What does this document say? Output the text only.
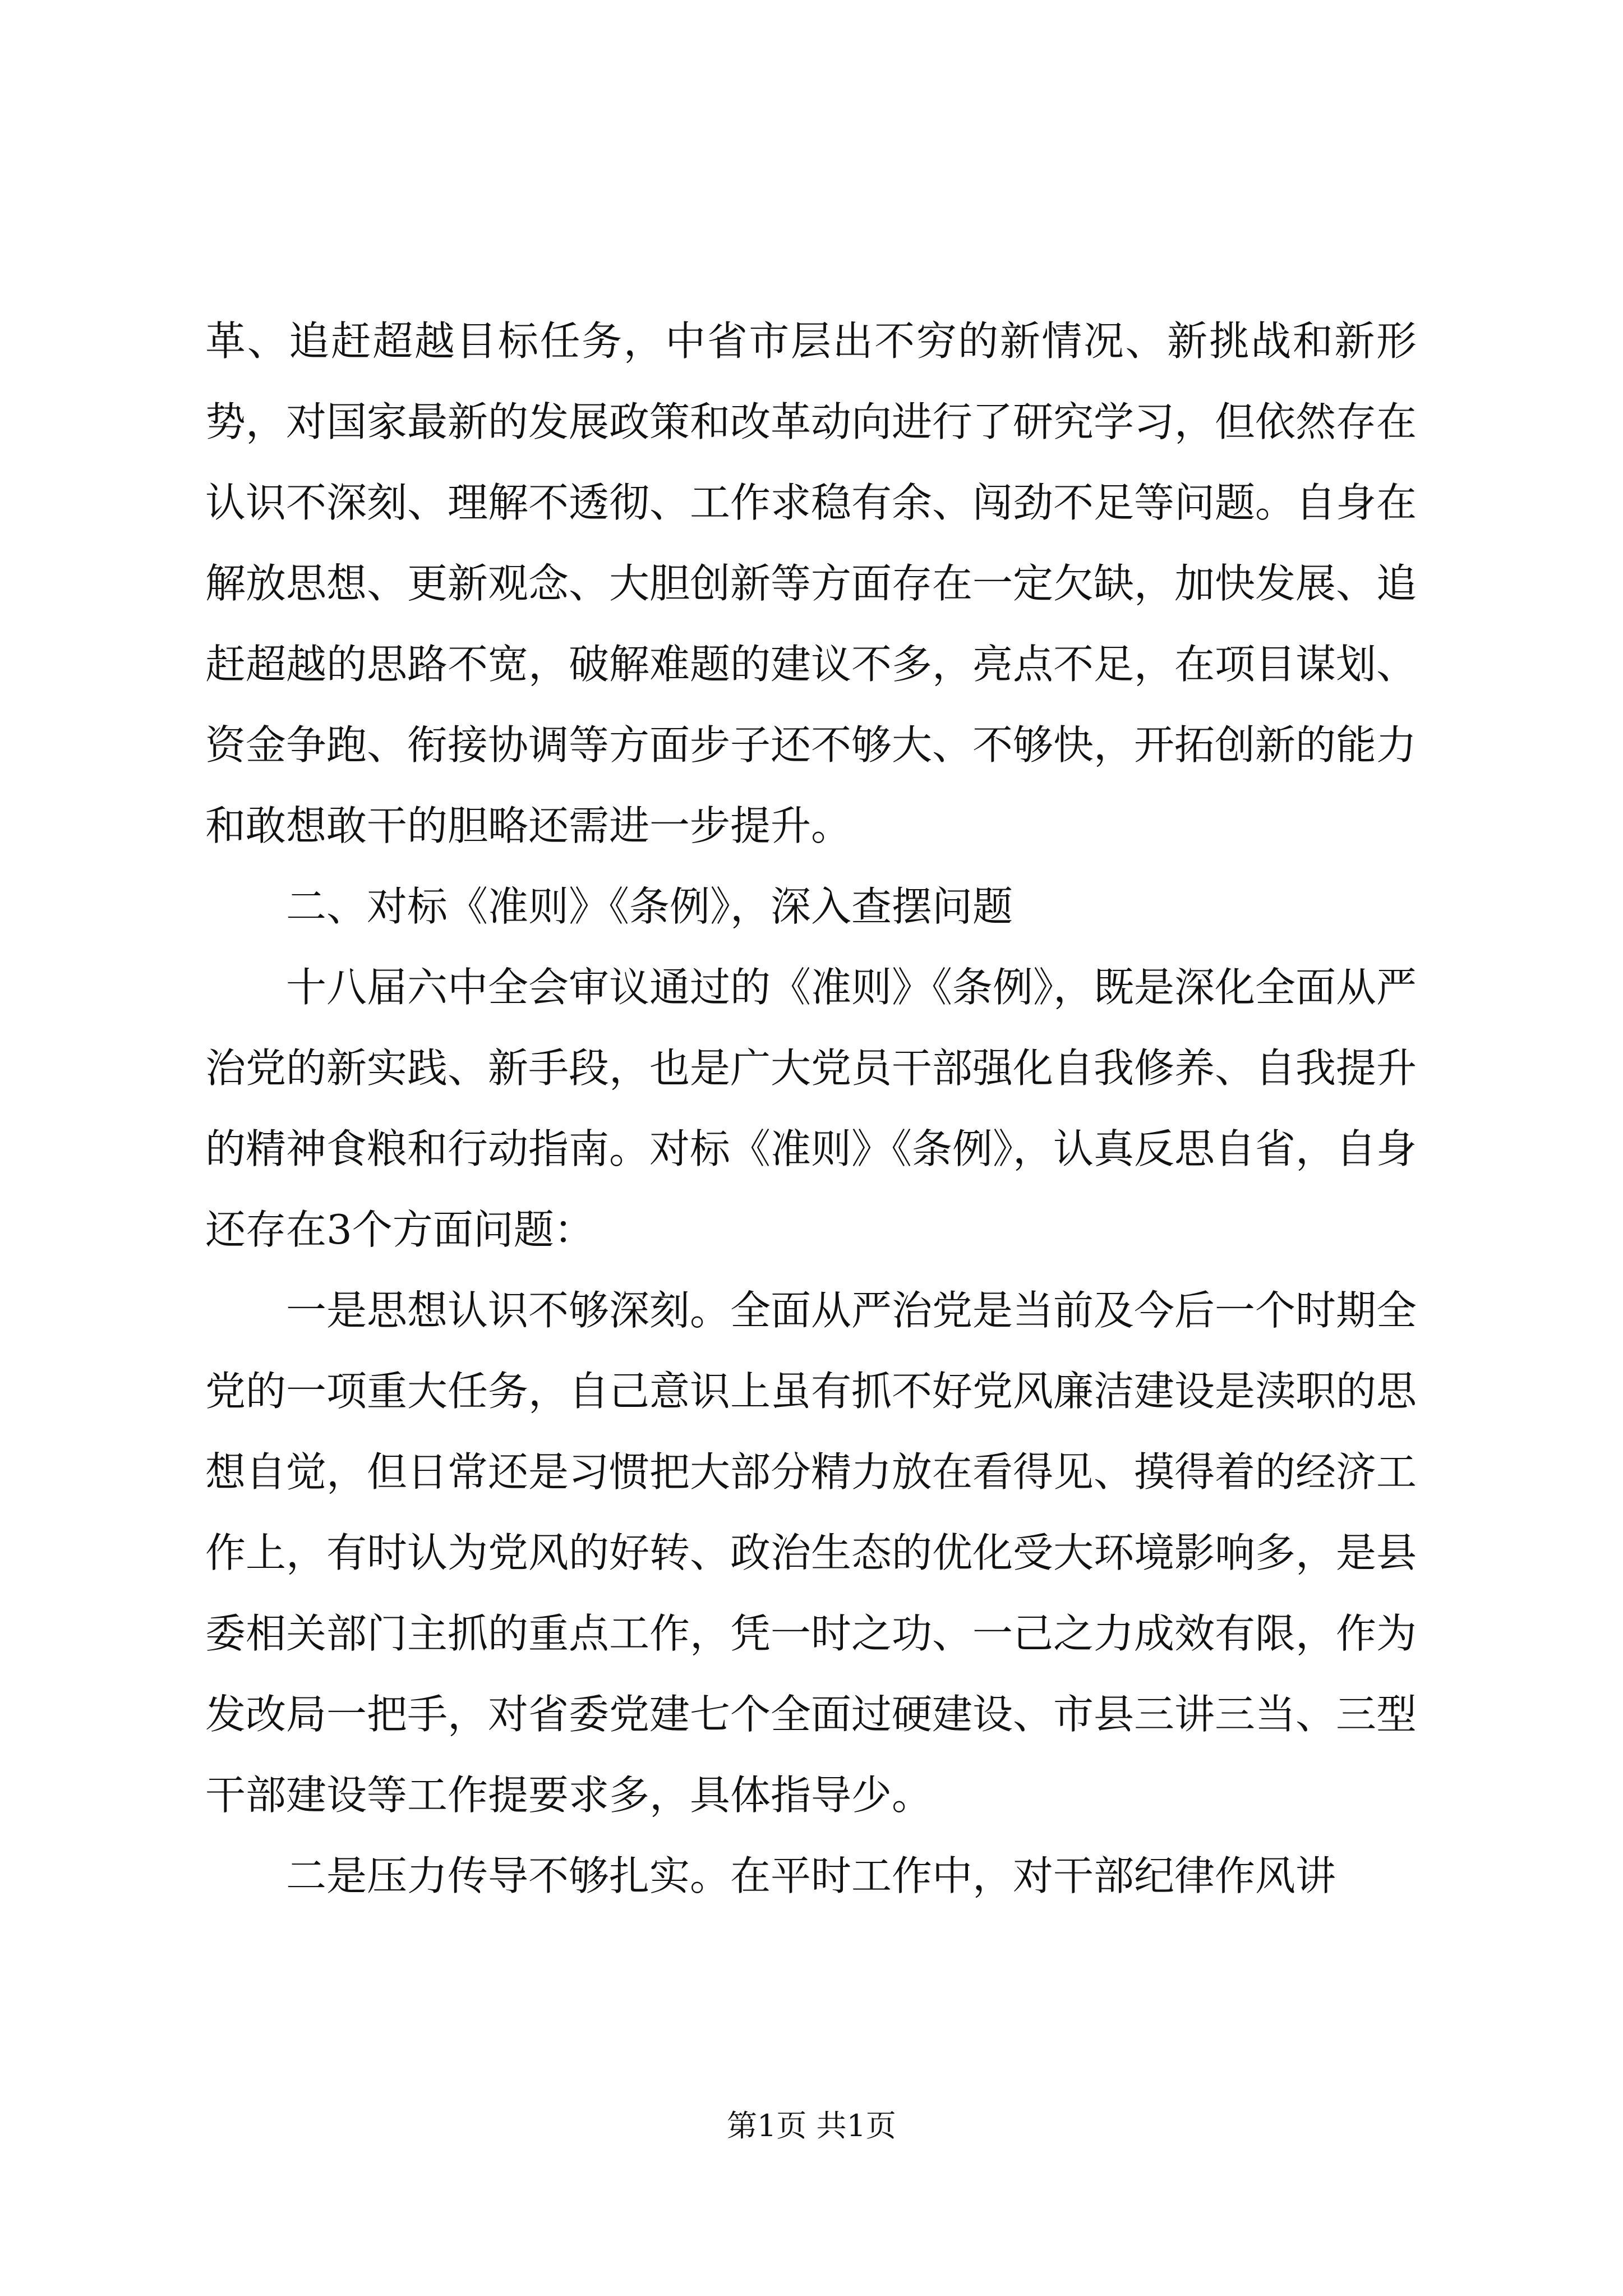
革、追赶超越目标任务，中省市层出不穷的新情况、新挑战和新形势，对国家最新的发展政策和改革动向进行了研究学习，但依然存在认识不深刻、理解不透彻、工作求稳有余、闯劲不足等问题。自身在解放思想、更新观念、大胆创新等方面存在一定欠缺，加快发展、追赶超越的思路不宽，破解难题的建议不多，亮点不足，在项目谋划、资金争跑、衔接协调等方面步子还不够大、不够快，开拓创新的能力和敢想敢干的胆略还需进一步提升。

二、对标《准则》《条例》，深入查摆问题

十八届六中全会审议通过的《准则》《条例》，既是深化全面从严治党的新实践、新手段，也是广大党员干部强化自我修养、自我提升的精神食粮和行动指南。对标《准则》《条例》，认真反思自省，自身还存在3个方面问题：

一是思想认识不够深刻。全面从严治党是当前及今后一个时期全党的一项重大任务，自己意识上虽有抓不好党风廉洁建设是渎职的思想自觉，但日常还是习惯把大部分精力放在看得见、摸得着的经济工作上，有时认为党风的好转、政治生态的优化受大环境影响多，是县委相关部门主抓的重点工作，凭一时之功、一己之力成效有限，作为发改局一把手，对省委党建七个全面过硬建设、市县三讲三当、三型干部建设等工作提要求多，具体指导少。

二是压力传导不够扎实。在平时工作中，对干部纪律作风讲

第1页 共1页
